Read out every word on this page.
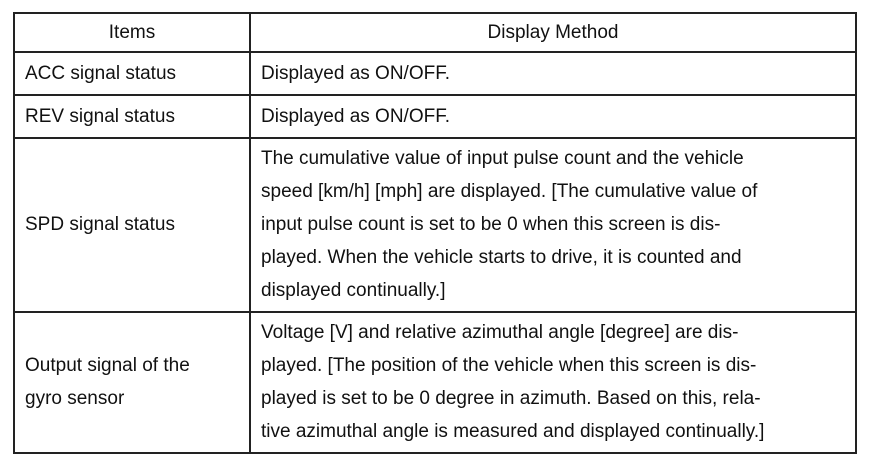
Items	Display Method

ACC signal status	Displayed as ON/OFF.

REV signal status	Displayed as ON/OFF.

SPD signal status	The cumulative value of input pulse count and the vehicle
speed [km/h] [mph] are displayed. [The cumulative value of
input pulse count is set to be 0 when this screen is dis-
played. When the vehicle starts to drive, it is counted and
displayed continually.]

Output signal of the
gyro sensor	Voltage [V] and relative azimuthal angle [degree] are dis-
played. [The position of the vehicle when this screen is dis-
played is set to be 0 degree in azimuth. Based on this, rela-
tive azimuthal angle is measured and displayed continually.]
